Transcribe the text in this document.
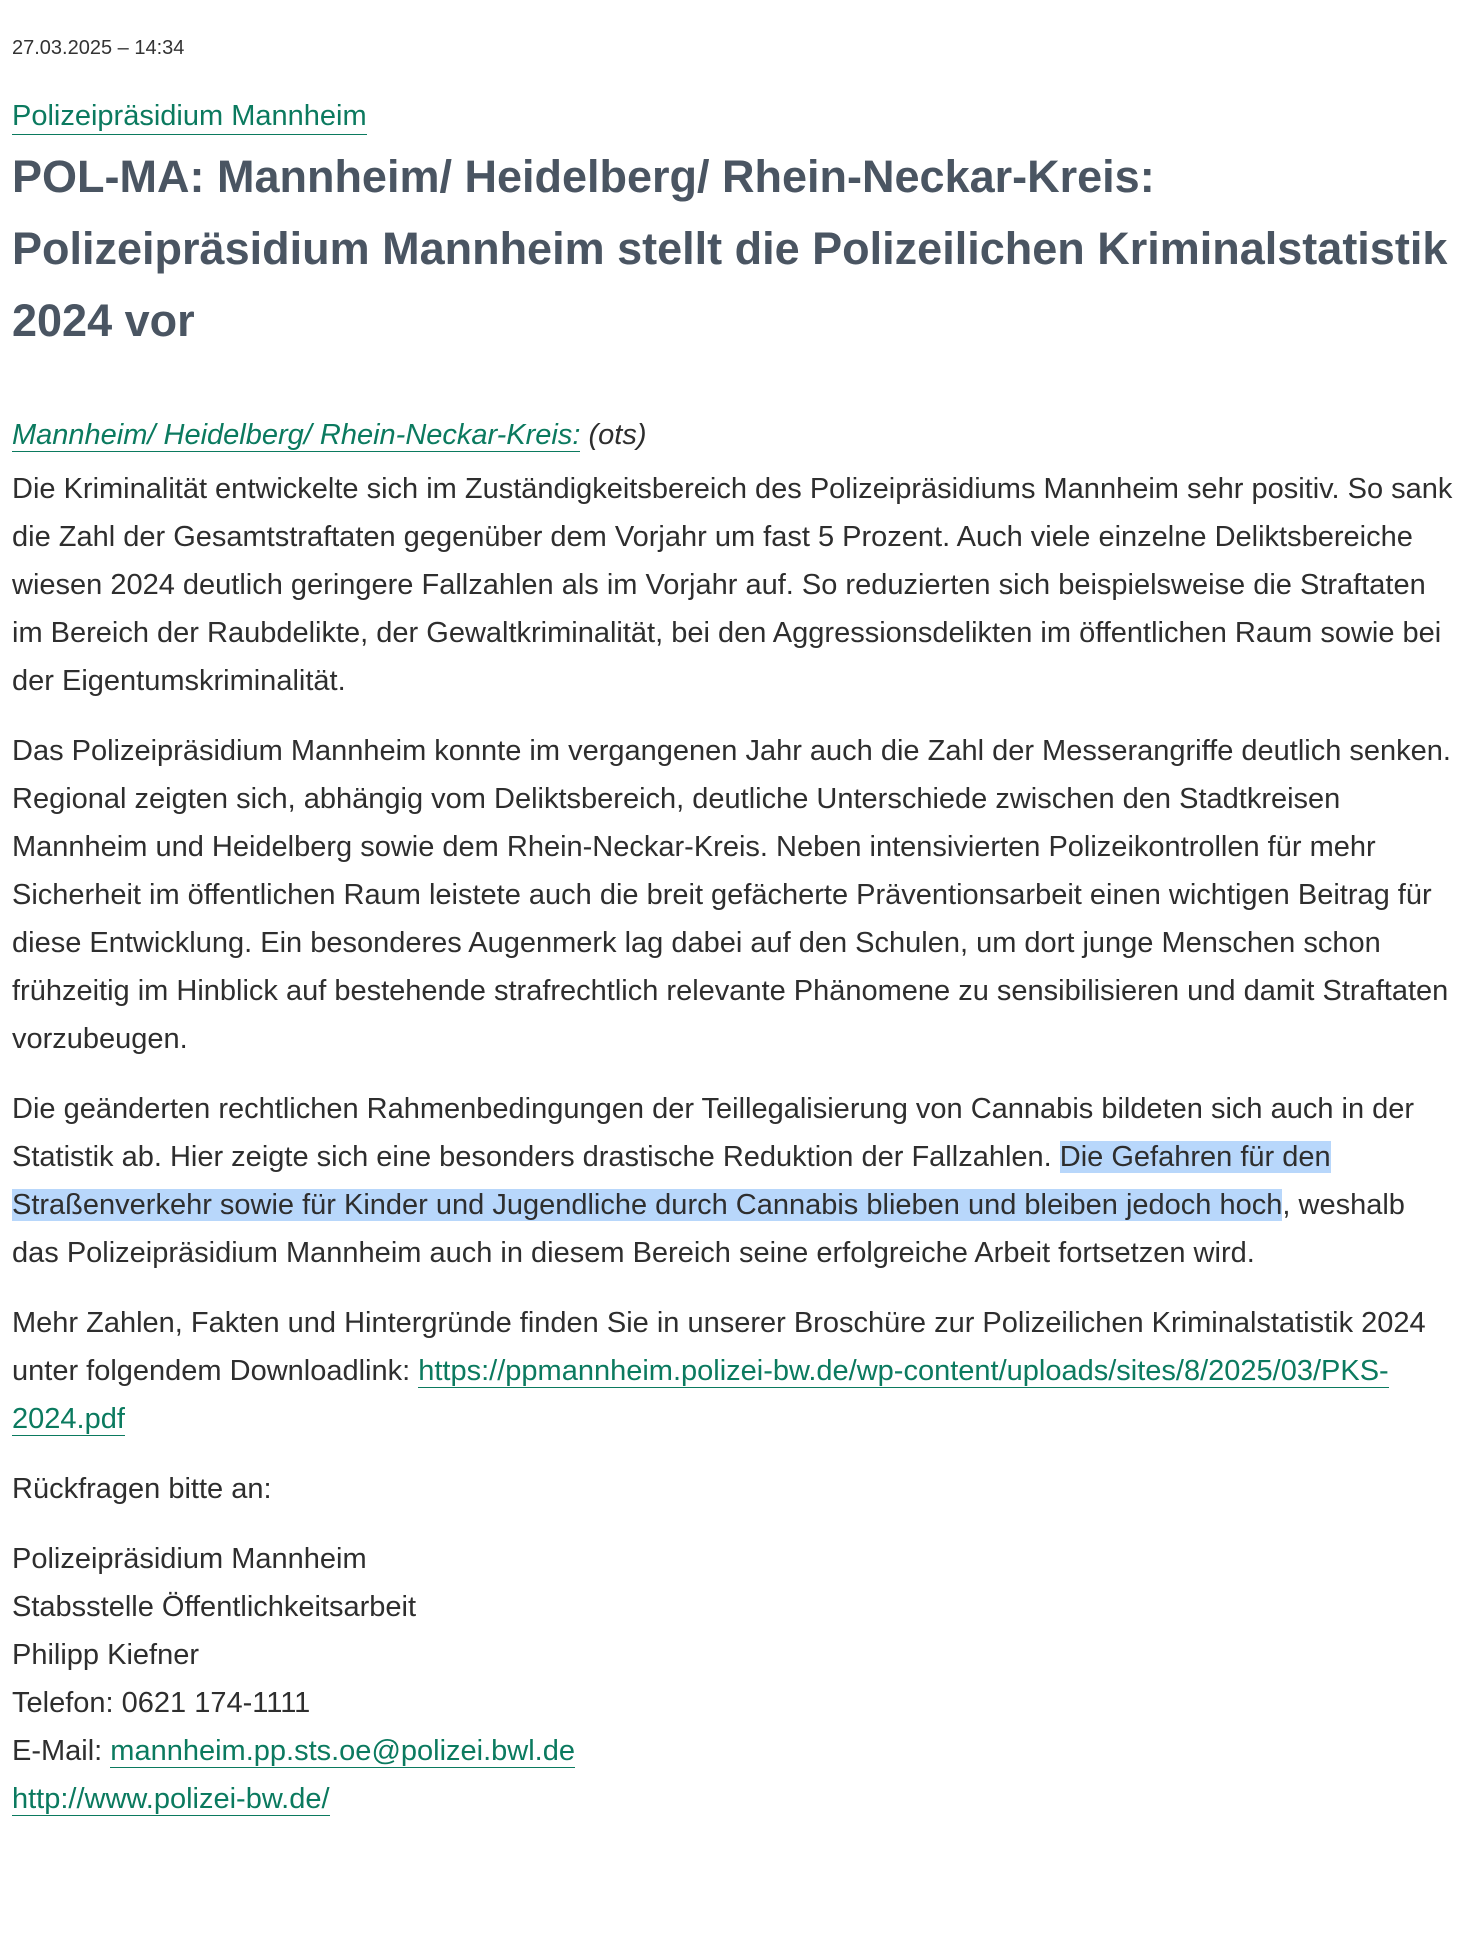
27.03.2025 – 14:34
Polizeipräsidium Mannheim
POL-MA: Mannheim/ Heidelberg/ Rhein-Neckar-Kreis: Polizeipräsidium Mannheim stellt die Polizeilichen Kriminalstatistik 2024 vor
Mannheim/ Heidelberg/ Rhein-Neckar-Kreis: (ots)

Die Kriminalität entwickelte sich im Zuständigkeitsbereich des Polizeipräsidiums Mannheim sehr positiv. So sank die Zahl der Gesamtstraftaten gegenüber dem Vorjahr um fast 5 Prozent. Auch viele einzelne Deliktsbereiche wiesen 2024 deutlich geringere Fallzahlen als im Vorjahr auf. So reduzierten sich beispielsweise die Straftaten im Bereich der Raubdelikte, der Gewaltkriminalität, bei den Aggressionsdelikten im öffentlichen Raum sowie bei der Eigentumskriminalität.

Das Polizeipräsidium Mannheim konnte im vergangenen Jahr auch die Zahl der Messerangriffe deutlich senken. Regional zeigten sich, abhängig vom Deliktsbereich, deutliche Unterschiede zwischen den Stadtkreisen Mannheim und Heidelberg sowie dem Rhein-Neckar-Kreis. Neben intensivierten Polizeikontrollen für mehr Sicherheit im öffentlichen Raum leistete auch die breit gefächerte Präventionsarbeit einen wichtigen Beitrag für diese Entwicklung. Ein besonderes Augenmerk lag dabei auf den Schulen, um dort junge Menschen schon frühzeitig im Hinblick auf bestehende strafrechtlich relevante Phänomene zu sensibilisieren und damit Straftaten vorzubeugen.

Die geänderten rechtlichen Rahmenbedingungen der Teillegalisierung von Cannabis bildeten sich auch in der Statistik ab. Hier zeigte sich eine besonders drastische Reduktion der Fallzahlen. Die Gefahren für den Straßenverkehr sowie für Kinder und Jugendliche durch Cannabis blieben und bleiben jedoch hoch, weshalb das Polizeipräsidium Mannheim auch in diesem Bereich seine erfolgreiche Arbeit fortsetzen wird.

Mehr Zahlen, Fakten und Hintergründe finden Sie in unserer Broschüre zur Polizeilichen Kriminalstatistik 2024 unter folgendem Downloadlink: https://ppmannheim.polizei-bw.de/wp-content/uploads/sites/8/2025/03/PKS-2024.pdf

Rückfragen bitte an:

Polizeipräsidium Mannheim
Stabsstelle Öffentlichkeitsarbeit
Philipp Kiefner
Telefon: 0621 174-1111
E-Mail: mannheim.pp.sts.oe@polizei.bwl.de
http://www.polizei-bw.de/
